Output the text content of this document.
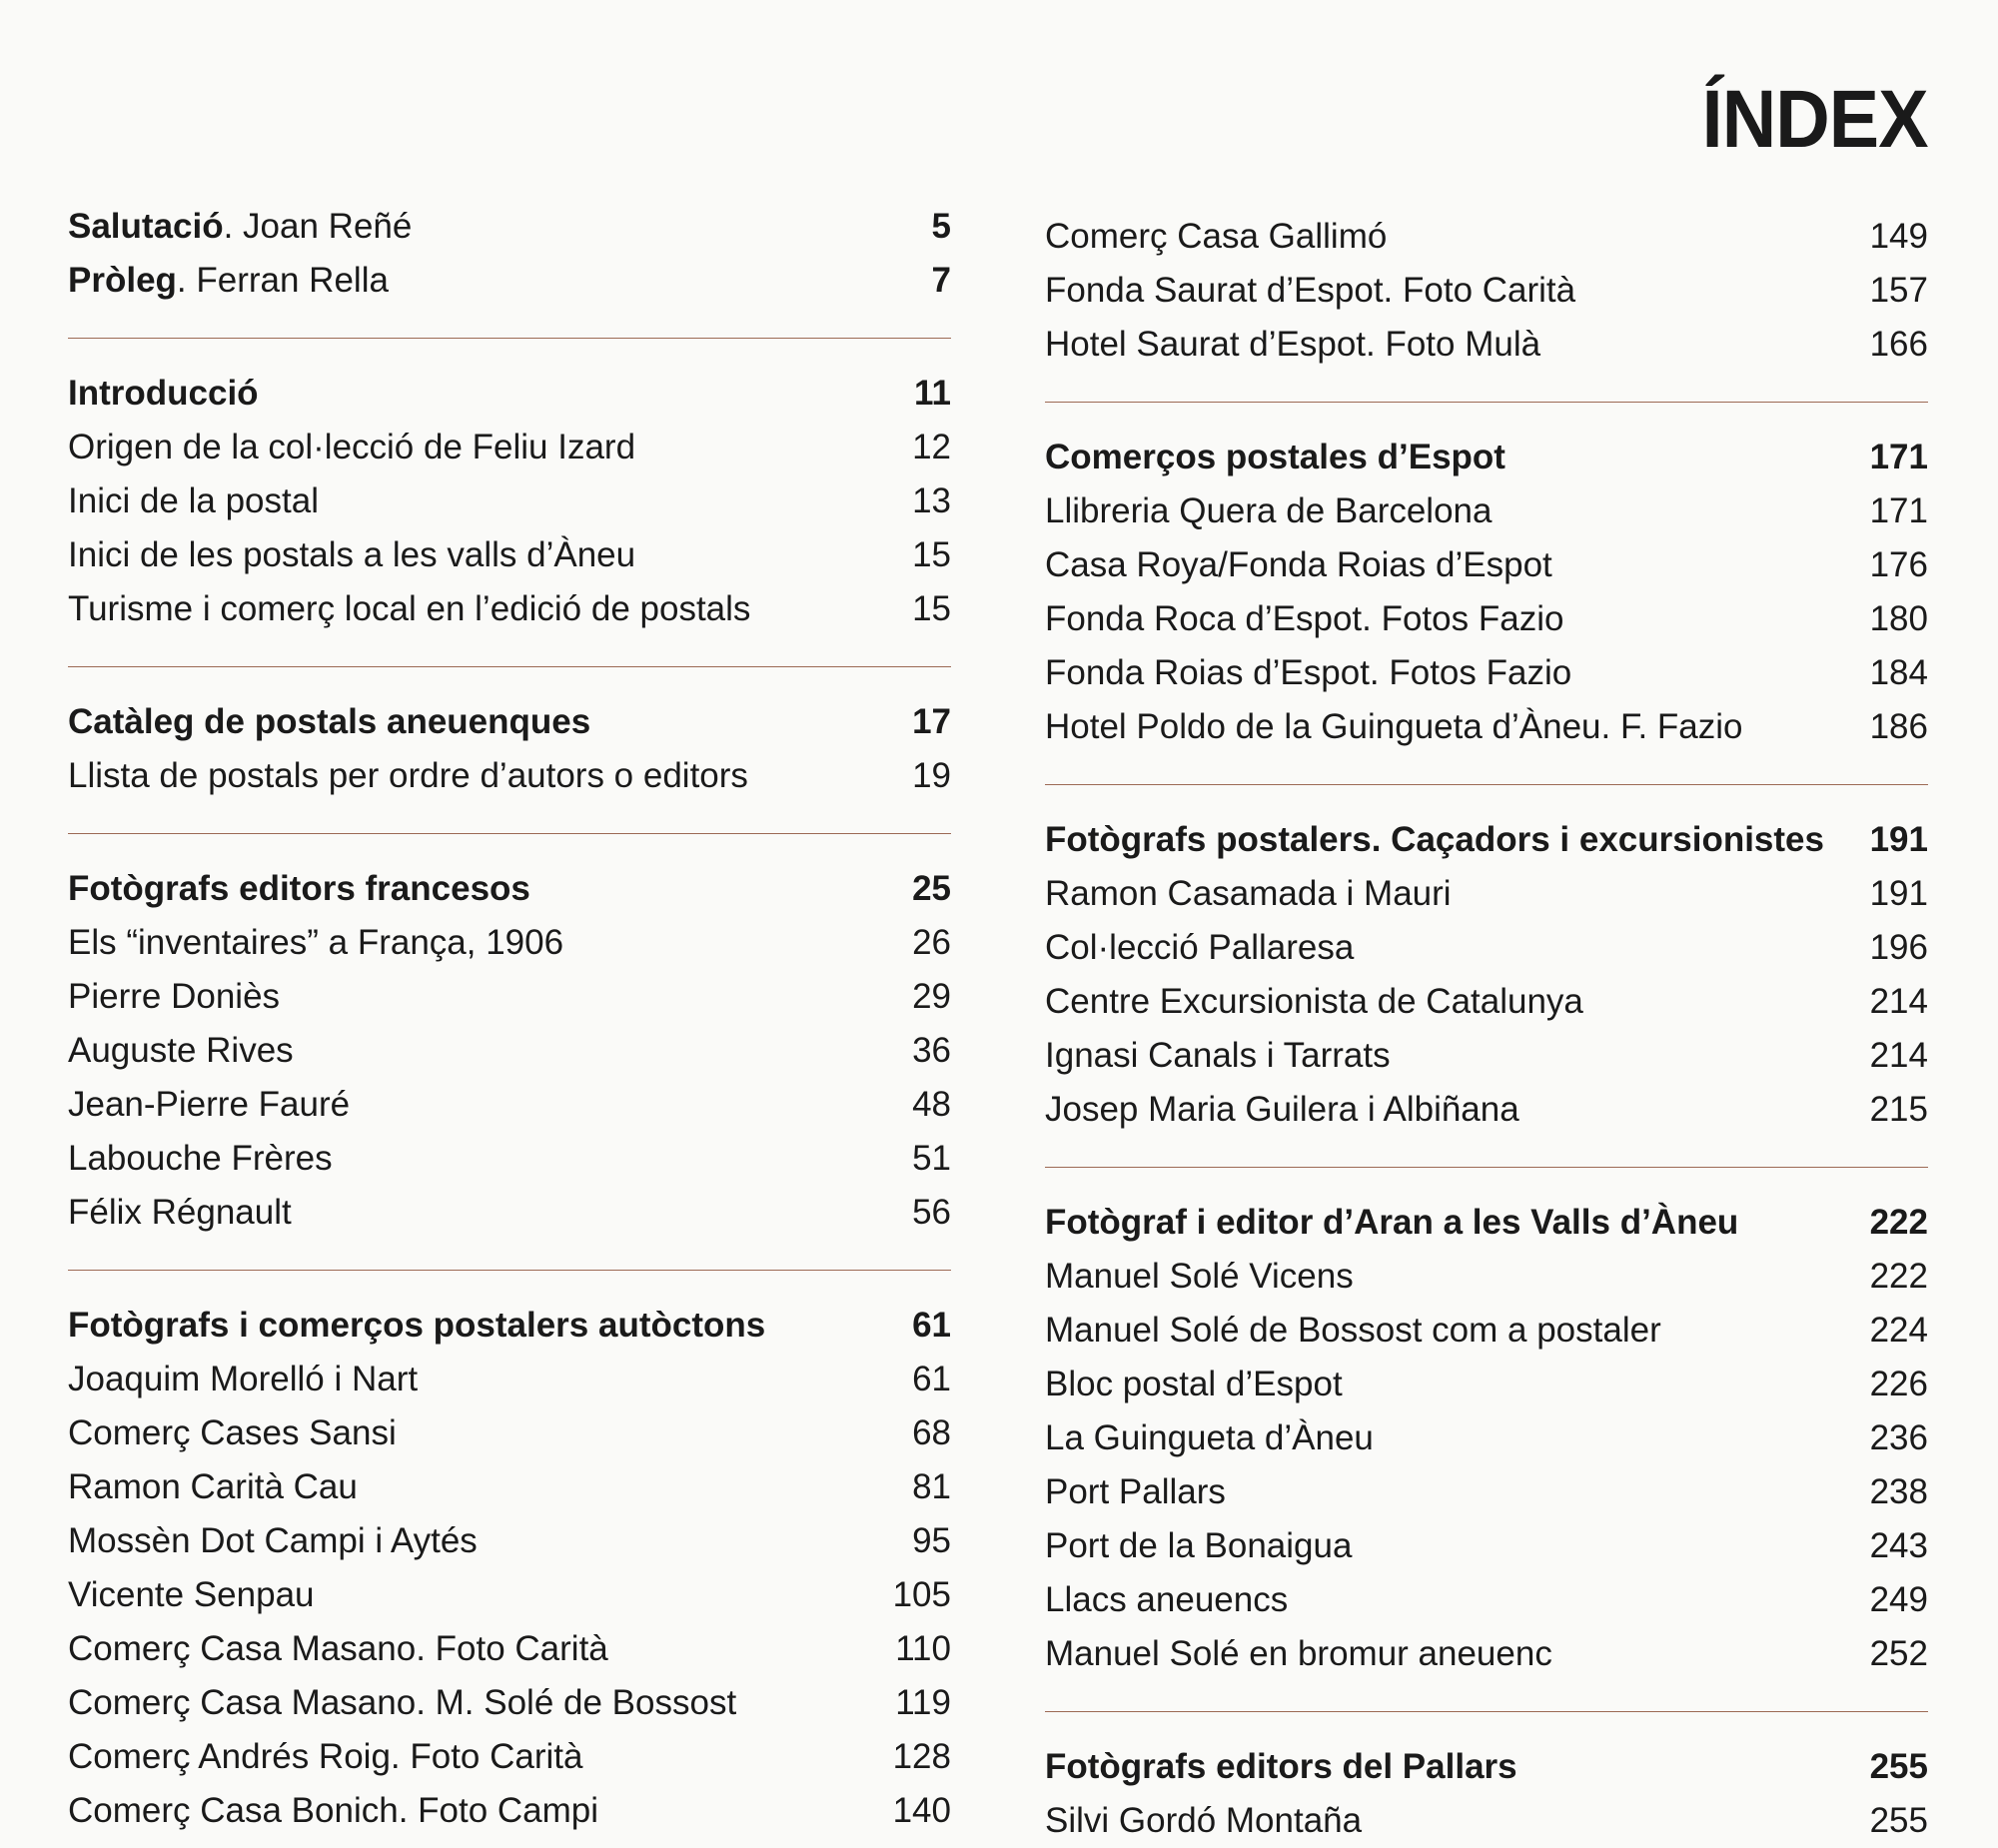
ÍNDEX
Salutació. Joan Reñé	5
Pròleg. Ferran Rella	7
Introducció	11
Origen de la col·lecció de Feliu Izard	12
Inici de la postal	13
Inici de les postals a les valls d’Àneu	15
Turisme i comerç local en l’edició de postals	15
Catàleg de postals aneuenques	17
Llista de postals per ordre d’autors o editors	19
Fotògrafs editors francesos	25
Els “inventaires” a França, 1906	26
Pierre Doniès	29
Auguste Rives	36
Jean-Pierre Fauré	48
Labouche Frères	51
Félix Régnault	56
Fotògrafs i comerços postalers autòctons	61
Joaquim Morelló i Nart	61
Comerç Cases Sansi	68
Ramon Carità Cau	81
Mossèn Dot Campi i Aytés	95
Vicente Senpau	105
Comerç Casa Masano. Foto Carità	110
Comerç Casa Masano. M. Solé de Bossost	119
Comerç Andrés Roig. Foto Carità	128
Comerç Casa Bonich. Foto Campi	140
Comerç Casa Gallimó	149
Fonda Saurat d’Espot. Foto Carità	157
Hotel Saurat d’Espot. Foto Mulà	166
Comerços postales d’Espot	171
Llibreria Quera de Barcelona	171
Casa Roya/Fonda Roias d’Espot	176
Fonda Roca d’Espot. Fotos Fazio	180
Fonda Roias d’Espot. Fotos Fazio	184
Hotel Poldo de la Guingueta d’Àneu. F. Fazio	186
Fotògrafs postalers. Caçadors i excursionistes 191
Ramon Casamada i Mauri	191
Col·lecció Pallaresa	196
Centre Excursionista de Catalunya	214
Ignasi Canals i Tarrats	214
Josep Maria Guilera i Albiñana	215
Fotògraf i editor d’Aran a les Valls d’Àneu	222
Manuel Solé Vicens	222
Manuel Solé de Bossost com a postaler	224
Bloc postal d’Espot	226
La Guingueta d’Àneu	236
Port Pallars	238
Port de la Bonaigua	243
Llacs aneuencs	249
Manuel Solé en bromur aneuenc	252
Fotògrafs editors del Pallars	255
Silvi Gordó Montaña	255
